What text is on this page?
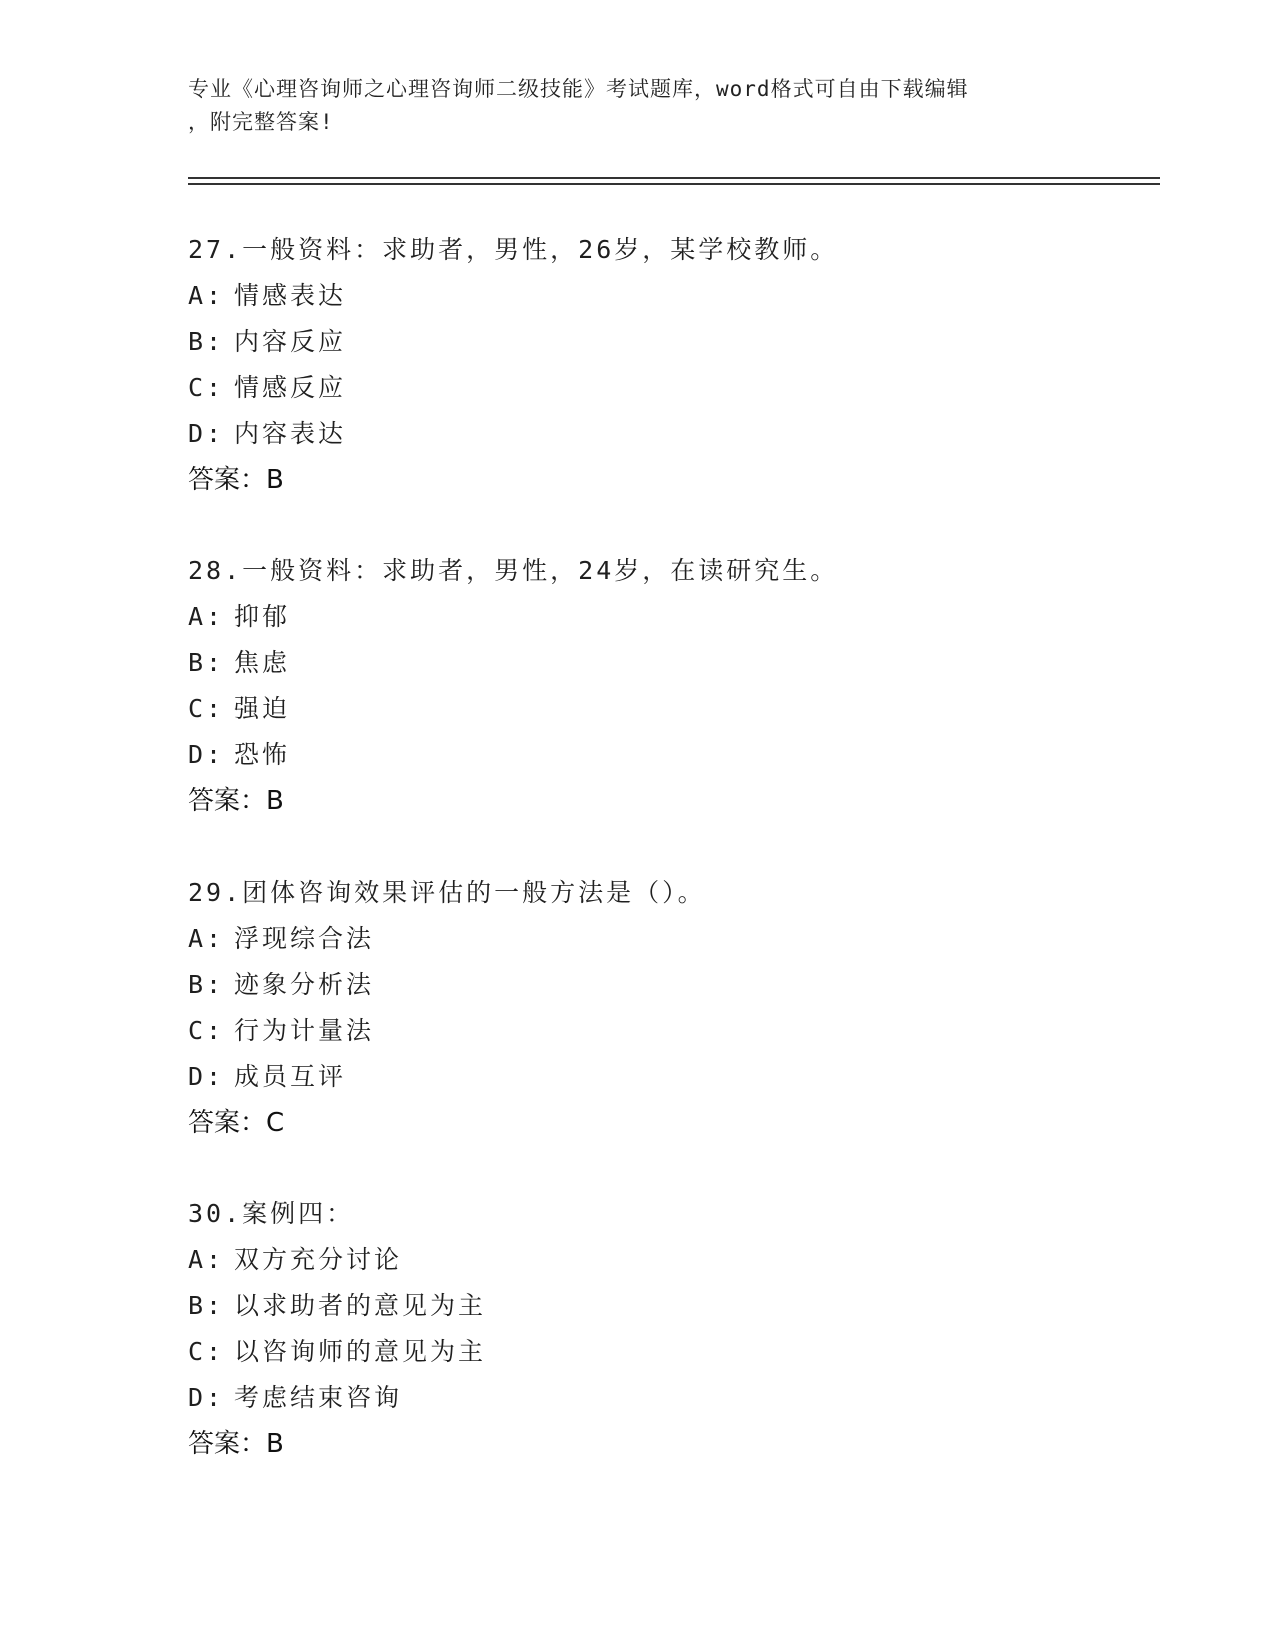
专业《心理咨询师之心理咨询师二级技能》考试题库，word格式可自由下载编辑
，附完整答案!
27.一般资料：求助者，男性，26岁，某学校教师。
A: 情感表达
B: 内容反应
C: 情感反应
D: 内容表达
答案：B
28.一般资料：求助者，男性，24岁，在读研究生。
A: 抑郁
B: 焦虑
C: 强迫
D: 恐怖
答案：B
29.团体咨询效果评估的一般方法是（）。
A: 浮现综合法
B: 迹象分析法
C: 行为计量法
D: 成员互评
答案：C
30.案例四：
A: 双方充分讨论
B: 以求助者的意见为主
C: 以咨询师的意见为主
D: 考虑结束咨询
答案：B
